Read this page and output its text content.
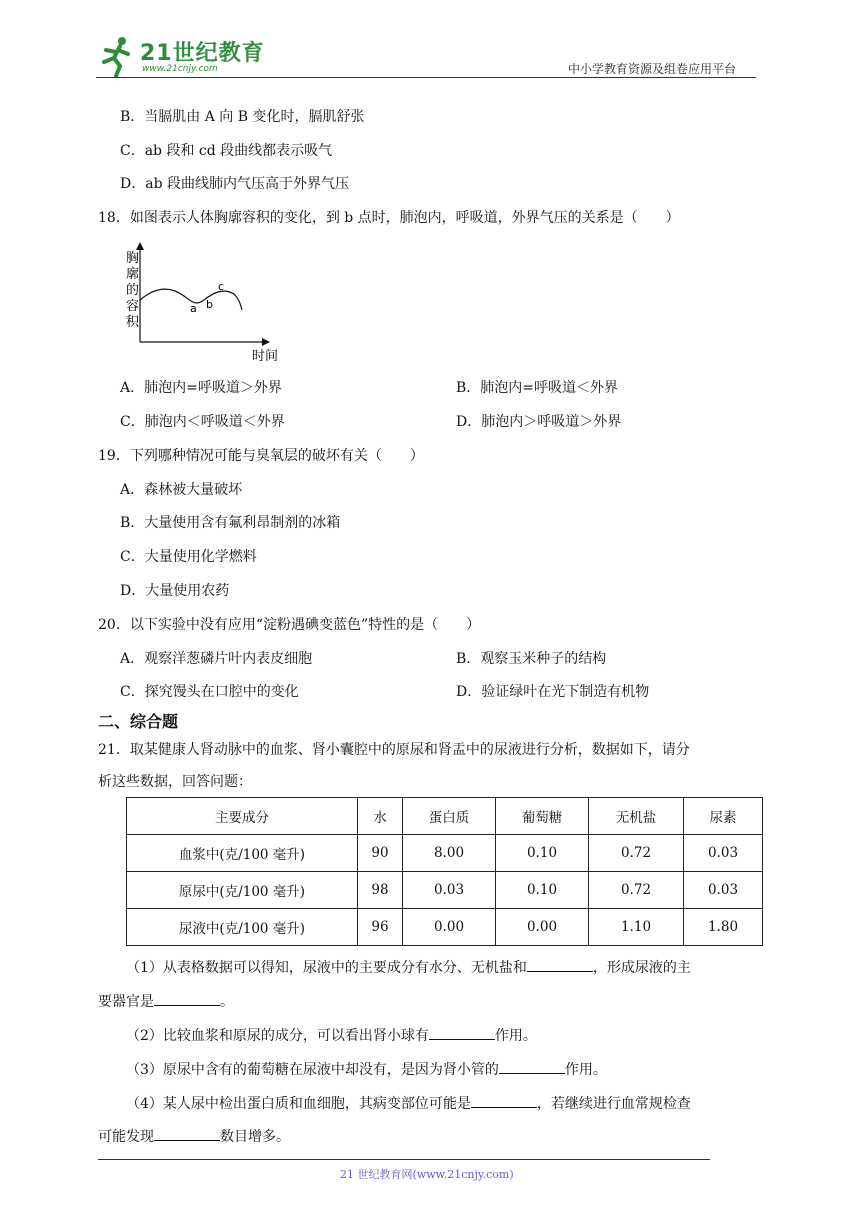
21世纪教育
www.21cnjy.com	中小学教育资源及组卷应用平台
B．当膈肌由 A 向 B 变化时，膈肌舒张
C．ab 段和 cd 段曲线都表示吸气
D．ab 段曲线肺内气压高于外界气压
18．如图表示人体胸廓容积的变化，到 b 点时，肺泡内，呼吸道，外界气压的关系是（　　）
胸
廓
的
容
积
a b
c
时间
A．肺泡内=呼吸道＞外界	B．肺泡内=呼吸道＜外界
C．肺泡内＜呼吸道＜外界	D．肺泡内＞呼吸道＞外界
19．下列哪种情况可能与臭氧层的破坏有关（　　）
A．森林被大量破坏
B．大量使用含有氟利昂制剂的冰箱
C．大量使用化学燃料
D．大量使用农药
20．以下实验中没有应用“淀粉遇碘变蓝色”特性的是（　　）
A．观察洋葱磷片叶内表皮细胞	B．观察玉米种子的结构
C．探究馒头在口腔中的变化	D．验证绿叶在光下制造有机物
二、综合题
21．取某健康人肾动脉中的血浆、肾小囊腔中的原尿和肾盂中的尿液进行分析，数据如下，请分
析这些数据，回答问题：
主要成分	水	蛋白质	葡萄糖	无机盐	尿素
血浆中(克/100 毫升)	90	8.00	0.10	0.72	0.03
原尿中(克/100 毫升)	98	0.03	0.10	0.72	0.03
尿液中(克/100 毫升)	96	0.00	0.00	1.10	1.80
（1）从表格数据可以得知，尿液中的主要成分有水分、无机盐和	，形成尿液的主
要器官是	。
（2）比较血浆和原尿的成分，可以看出肾小球有	作用。
（3）原尿中含有的葡萄糖在尿液中却没有，是因为肾小管的	作用。
（4）某人尿中检出蛋白质和血细胞，其病变部位可能是	，若继续进行血常规检查
可能发现	数目增多。
21 世纪教育网(www.21cnjy.com)
